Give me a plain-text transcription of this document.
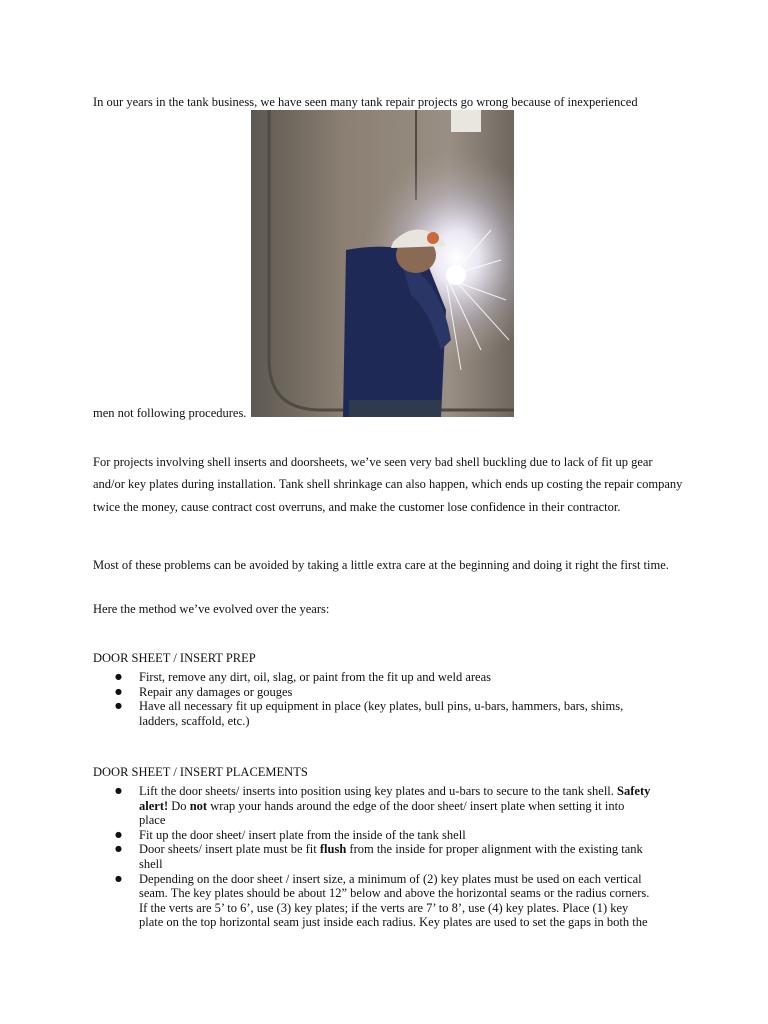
In our years in the tank business, we have seen many tank repair projects go wrong because of inexperienced

men not following procedures.

For projects involving shell inserts and doorsheets, we’ve seen very bad shell buckling due to lack of fit up gear and/or key plates during installation. Tank shell shrinkage can also happen, which ends up costing the repair company twice the money, cause contract cost overruns, and make the customer lose confidence in their contractor.

Most of these problems can be avoided by taking a little extra care at the beginning and doing it right the first time.

Here the method we’ve evolved over the years:

DOOR SHEET / INSERT PREP

● First, remove any dirt, oil, slag, or paint from the fit up and weld areas
● Repair any damages or gouges
● Have all necessary fit up equipment in place (key plates, bull pins, u-bars, hammers, bars, shims, ladders, scaffold, etc.)

DOOR SHEET / INSERT PLACEMENTS

● Lift the door sheets/ inserts into position using key plates and u-bars to secure to the tank shell. Safety alert! Do not wrap your hands around the edge of the door sheet/ insert plate when setting it into place
● Fit up the door sheet/ insert plate from the inside of the tank shell
● Door sheets/ insert plate must be fit flush from the inside for proper alignment with the existing tank shell
● Depending on the door sheet / insert size, a minimum of (2) key plates must be used on each vertical seam. The key plates should be about 12” below and above the horizontal seams or the radius corners. If the verts are 5’ to 6’, use (3) key plates; if the verts are 7’ to 8’, use (4) key plates. Place (1) key plate on the top horizontal seam just inside each radius. Key plates are used to set the gaps in both the
